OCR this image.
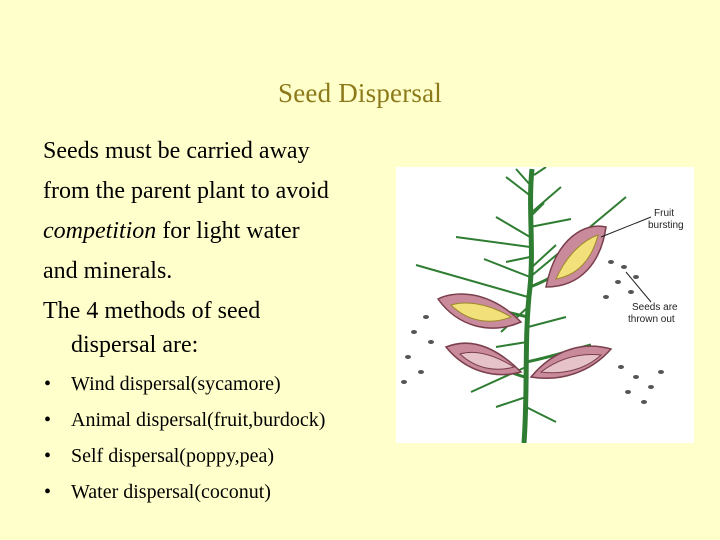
Seed Dispersal
Seeds must be carried away
from the parent plant to avoid
competition for light water
and minerals.
The 4 methods of seed
dispersal are:
• Wind dispersal(sycamore)
• Animal dispersal(fruit,burdock)
• Self dispersal(poppy,pea)
• Water dispersal(coconut)
Fruit
bursting
Seeds are
thrown out
